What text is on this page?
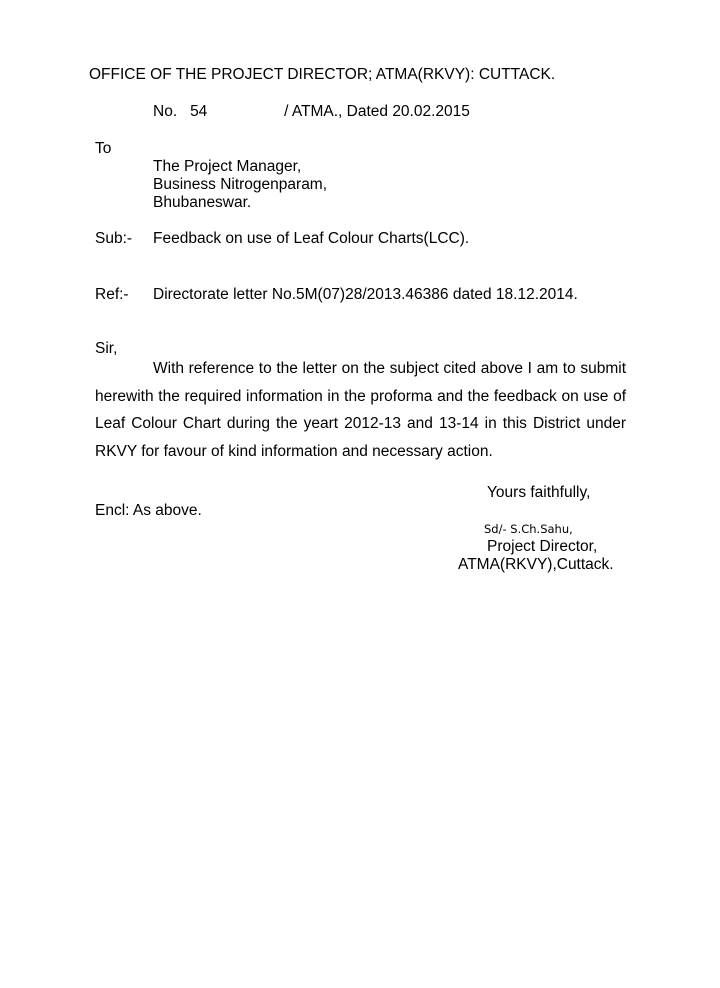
OFFICE OF THE PROJECT DIRECTOR; ATMA(RKVY): CUTTACK.
No. 54	/ ATMA., Dated 20.02.2015
To
The Project Manager,
Business Nitrogenparam,
Bhubaneswar.
Sub:- Feedback on use of Leaf Colour Charts(LCC).
Ref:- Directorate letter No.5M(07)28/2013.46386 dated 18.12.2014.
Sir,
With reference to the letter on the subject cited above I am to submit herewith the required information in the proforma and the feedback on use of Leaf Colour Chart during the yeart 2012-13 and 13-14 in this District under RKVY for favour of kind information and necessary action.
Yours faithfully,
Encl: As above.
Sd/- S.Ch.Sahu,
Project Director,
ATMA(RKVY),Cuttack.
